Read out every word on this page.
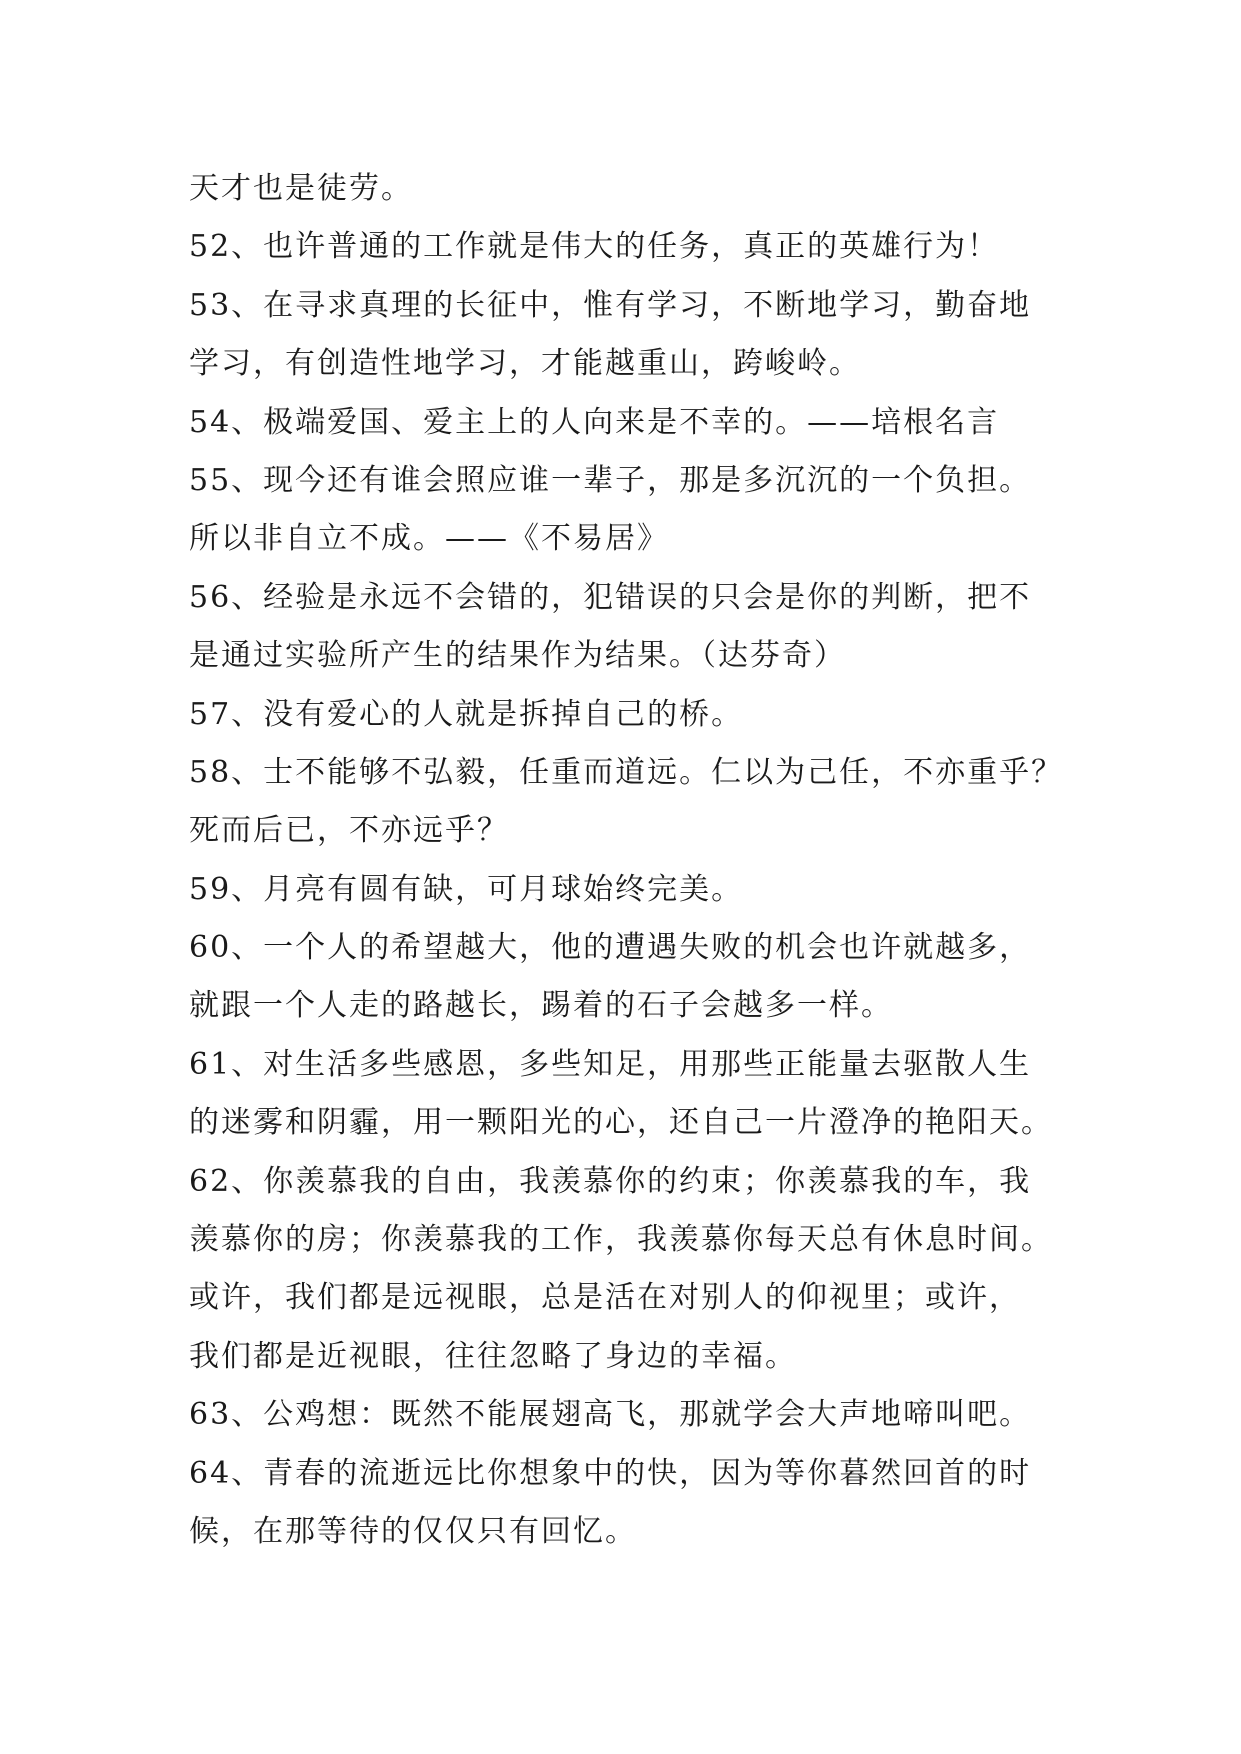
天才也是徒劳。
52、也许普通的工作就是伟大的任务，真正的英雄行为！
53、在寻求真理的长征中，惟有学习，不断地学习，勤奋地
学习，有创造性地学习，才能越重山，跨峻岭。
54、极端爱国、爱主上的人向来是不幸的。——培根名言
55、现今还有谁会照应谁一辈子，那是多沉沉的一个负担。
所以非自立不成。——《不易居》
56、经验是永远不会错的，犯错误的只会是你的判断，把不
是通过实验所产生的结果作为结果。（达芬奇）
57、没有爱心的人就是拆掉自己的桥。
58、士不能够不弘毅，任重而道远。仁以为己任，不亦重乎？
死而后已，不亦远乎？
59、月亮有圆有缺，可月球始终完美。
60、一个人的希望越大，他的遭遇失败的机会也许就越多，
就跟一个人走的路越长，踢着的石子会越多一样。
61、对生活多些感恩，多些知足，用那些正能量去驱散人生
的迷雾和阴霾，用一颗阳光的心，还自己一片澄净的艳阳天。
62、你羡慕我的自由，我羡慕你的约束；你羡慕我的车，我
羡慕你的房；你羡慕我的工作，我羡慕你每天总有休息时间。
或许，我们都是远视眼，总是活在对别人的仰视里；或许，
我们都是近视眼，往往忽略了身边的幸福。
63、公鸡想：既然不能展翅高飞，那就学会大声地啼叫吧。
64、青春的流逝远比你想象中的快，因为等你暮然回首的时
候，在那等待的仅仅只有回忆。
